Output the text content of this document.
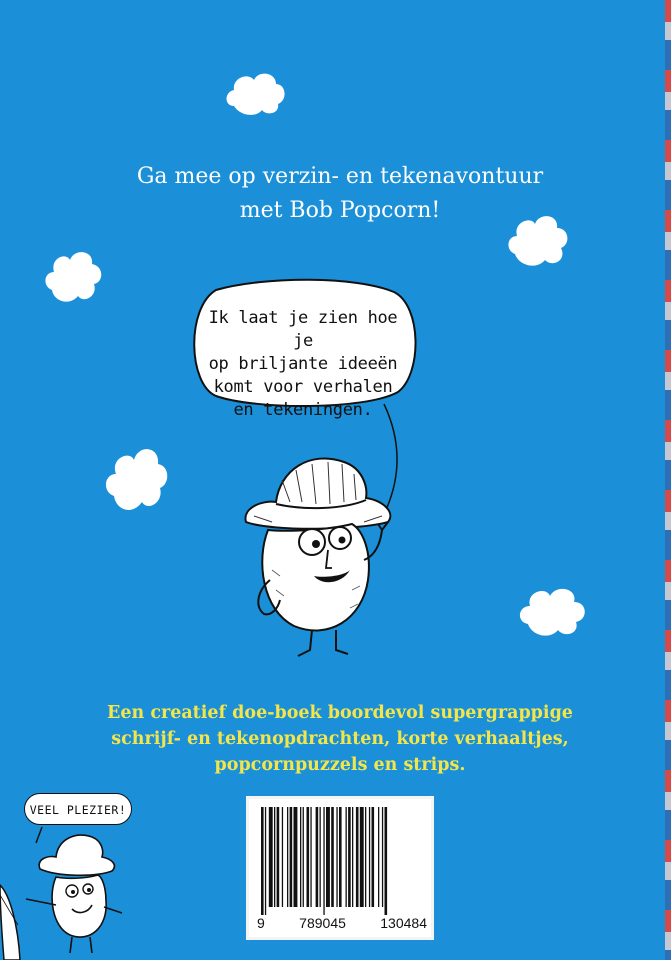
Ga mee op verzin- en tekenavontuur
met Bob Popcorn!
Ik laat je zien hoe je
op briljante ideeën
komt voor verhalen
en tekeningen.
Een creatief doe-boek boordevol supergrappige
schrijf- en tekenopdrachten, korte verhaaltjes,
popcornpuzzels en strips.
VEEL PLEZIER!
9 789045 130484
